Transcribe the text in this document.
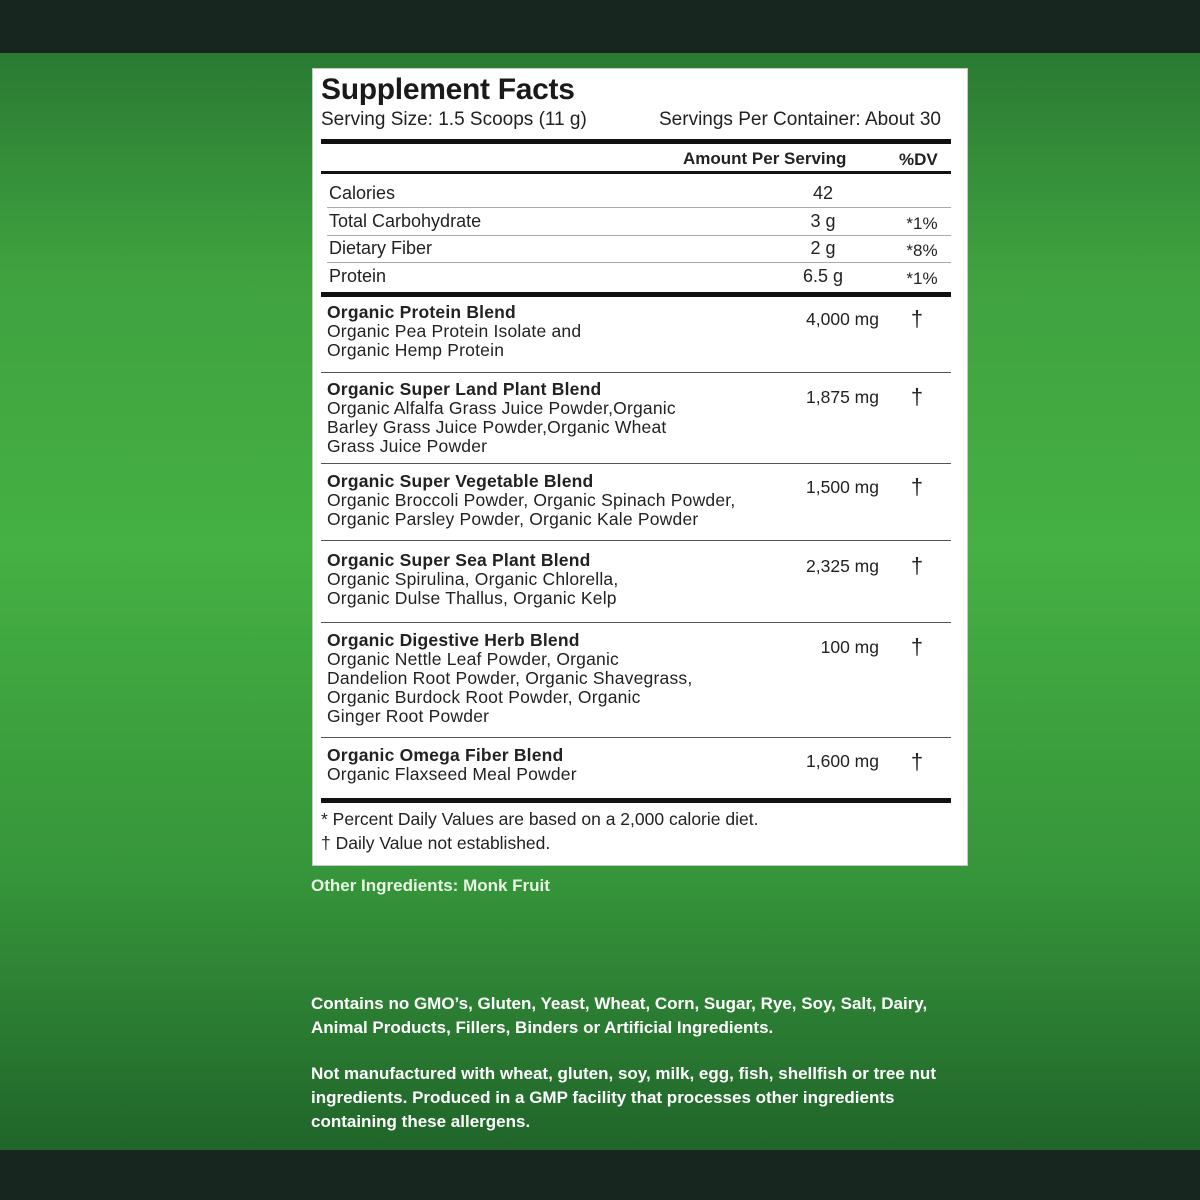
Supplement Facts
Serving Size: 1.5 Scoops (11 g)	Servings Per Container: About 30
Amount Per Serving	%DV
Calories	42
Total Carbohydrate	3 g	*1%
Dietary Fiber	2 g	*8%
Protein	6.5 g	*1%
Organic Protein Blend
Organic Pea Protein Isolate and
Organic Hemp Protein
4,000 mg †
Organic Super Land Plant Blend
Organic Alfalfa Grass Juice Powder,Organic
Barley Grass Juice Powder,Organic Wheat
Grass Juice Powder
1,875 mg †
Organic Super Vegetable Blend
Organic Broccoli Powder, Organic Spinach Powder,
Organic Parsley Powder, Organic Kale Powder
1,500 mg †
Organic Super Sea Plant Blend
Organic Spirulina, Organic Chlorella,
Organic Dulse Thallus, Organic Kelp
2,325 mg †
Organic Digestive Herb Blend
Organic Nettle Leaf Powder, Organic
Dandelion Root Powder, Organic Shavegrass,
Organic Burdock Root Powder, Organic
Ginger Root Powder
100 mg †
Organic Omega Fiber Blend
Organic Flaxseed Meal Powder
1,600 mg †
* Percent Daily Values are based on a 2,000 calorie diet.
† Daily Value not established.
Other Ingredients: Monk Fruit
Contains no GMO’s, Gluten, Yeast, Wheat, Corn, Sugar, Rye, Soy, Salt, Dairy, Animal Products, Fillers, Binders or Artificial Ingredients.
Not manufactured with wheat, gluten, soy, milk, egg, fish, shellfish or tree nut ingredients. Produced in a GMP facility that processes other ingredients containing these allergens.
